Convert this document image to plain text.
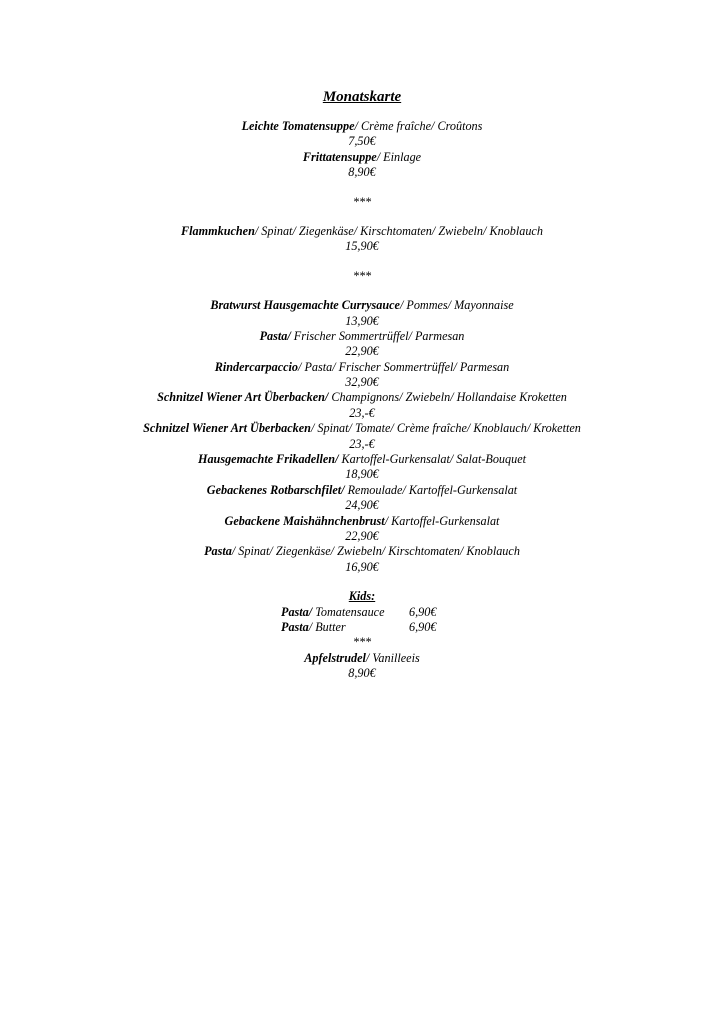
Monatskarte
Leichte Tomatensuppe/ Crème fraîche/ Croûtons
7,50€
Frittatensuppe/ Einlage
8,90€
***
Flammkuchen/ Spinat/ Ziegenkäse/ Kirschtomaten/ Zwiebeln/ Knoblauch
15,90€
***
Bratwurst Hausgemachte Currysauce/ Pommes/ Mayonnaise
13,90€
Pasta/ Frischer Sommertrüffel/ Parmesan
22,90€
Rindercarpaccio/ Pasta/ Frischer Sommertrüffel/ Parmesan
32,90€
Schnitzel Wiener Art Überbacken/ Champignons/ Zwiebeln/ Hollandaise Kroketten
23,-€
Schnitzel Wiener Art Überbacken/ Spinat/ Tomate/ Crème fraîche/ Knoblauch/ Kroketten
23,-€
Hausgemachte Frikadellen/ Kartoffel-Gurkensalat/ Salat-Bouquet
18,90€
Gebackenes Rotbarschfilet/ Remoulade/ Kartoffel-Gurkensalat
24,90€
Gebackene Maishähnchenbrust/ Kartoffel-Gurkensalat
22,90€
Pasta/ Spinat/ Ziegenkäse/ Zwiebeln/ Kirschtomaten/ Knoblauch
16,90€
Kids:
Pasta/ Tomatensauce	6,90€
Pasta/ Butter	6,90€
***
Apfelstrudel/ Vanilleeis
8,90€
